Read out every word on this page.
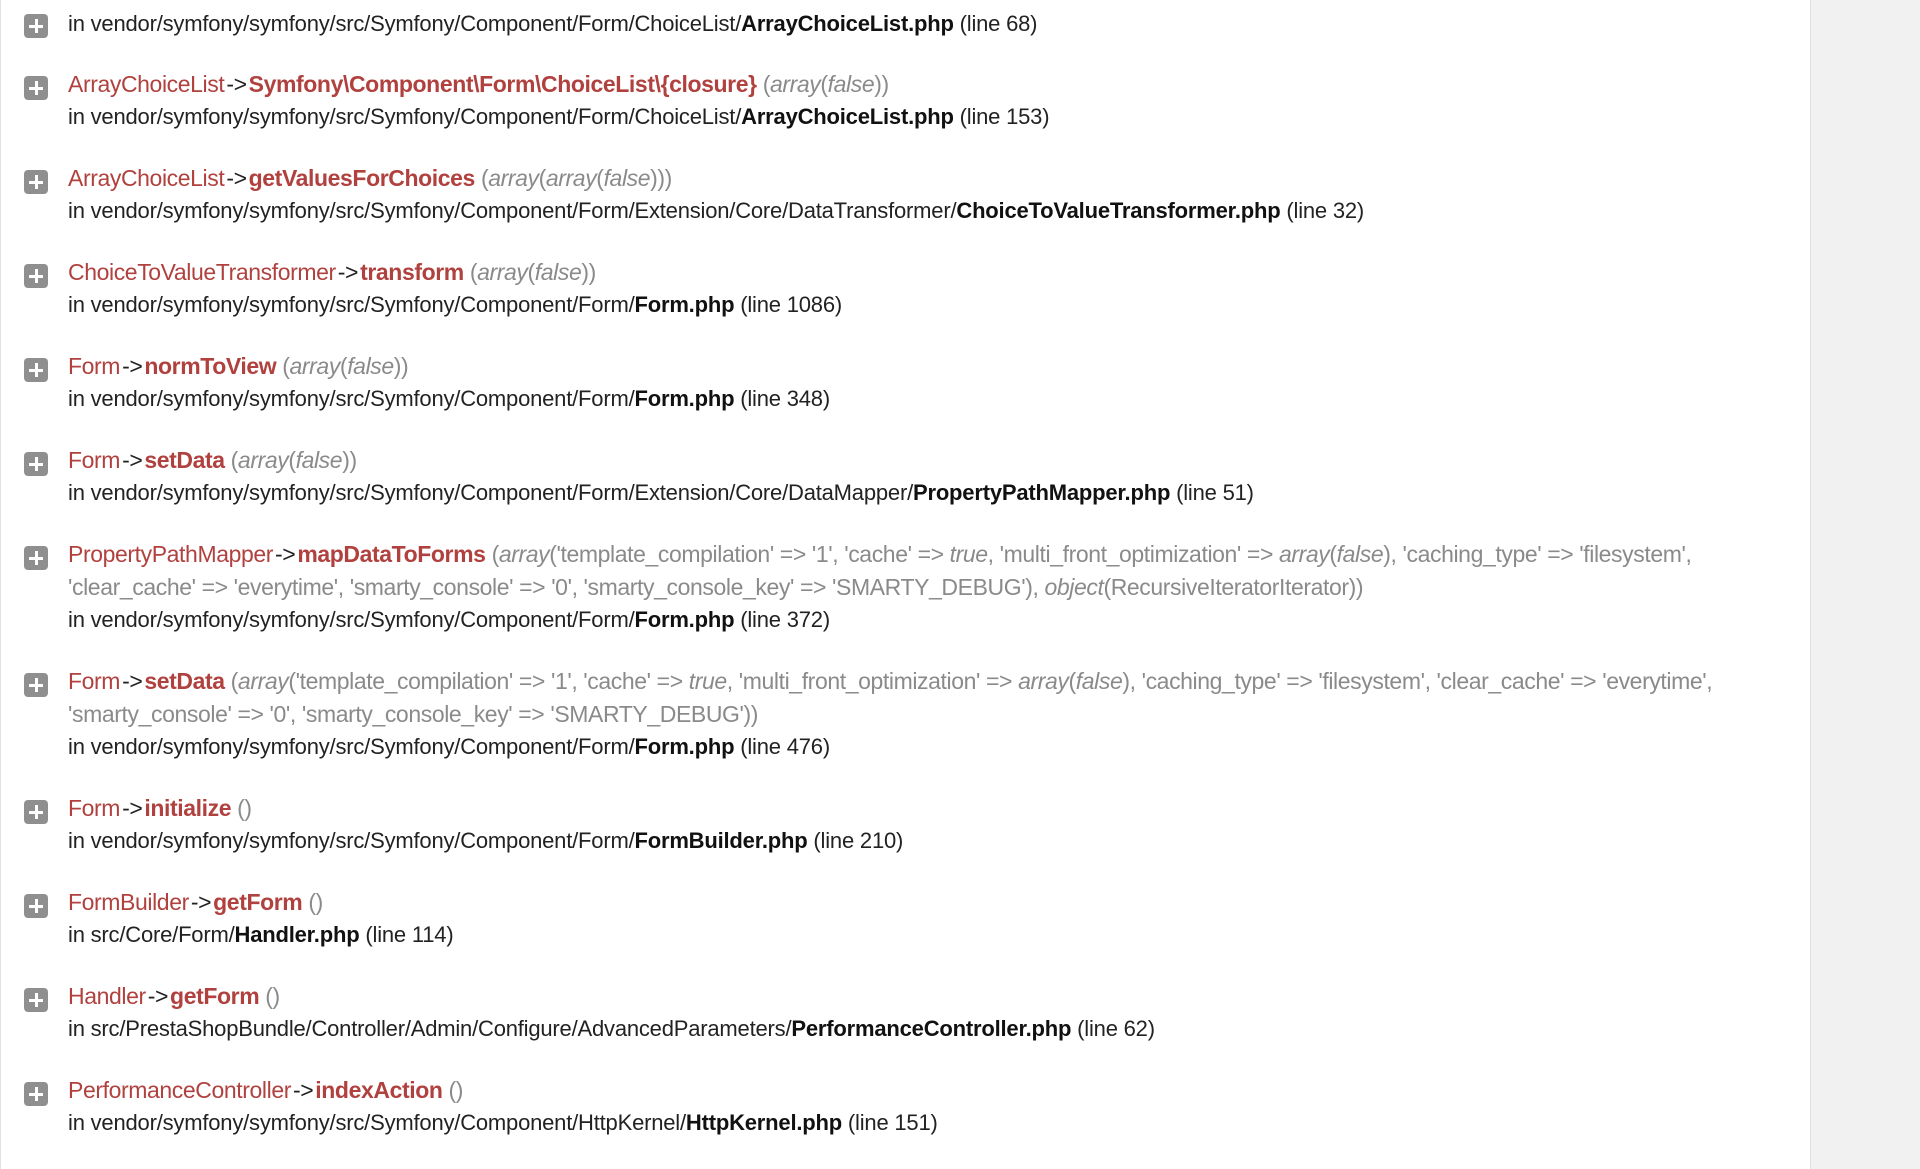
in vendor/symfony/symfony/src/Symfony/Component/Form/ChoiceList/ArrayChoiceList.php (line 68)
ArrayChoiceList->Symfony\Component\Form\ChoiceList\{closure} (array(false))
in vendor/symfony/symfony/src/Symfony/Component/Form/ChoiceList/ArrayChoiceList.php (line 153)
ArrayChoiceList->getValuesForChoices (array(array(false)))
in vendor/symfony/symfony/src/Symfony/Component/Form/Extension/Core/DataTransformer/ChoiceToValueTransformer.php (line 32)
ChoiceToValueTransformer->transform (array(false))
in vendor/symfony/symfony/src/Symfony/Component/Form/Form.php (line 1086)
Form->normToView (array(false))
in vendor/symfony/symfony/src/Symfony/Component/Form/Form.php (line 348)
Form->setData (array(false))
in vendor/symfony/symfony/src/Symfony/Component/Form/Extension/Core/DataMapper/PropertyPathMapper.php (line 51)
PropertyPathMapper->mapDataToForms (array('template_compilation' => '1', 'cache' => true, 'multi_front_optimization' => array(false), 'caching_type' => 'filesystem', 'clear_cache' => 'everytime', 'smarty_console' => '0', 'smarty_console_key' => 'SMARTY_DEBUG'), object(RecursiveIteratorIterator))
in vendor/symfony/symfony/src/Symfony/Component/Form/Form.php (line 372)
Form->setData (array('template_compilation' => '1', 'cache' => true, 'multi_front_optimization' => array(false), 'caching_type' => 'filesystem', 'clear_cache' => 'everytime', 'smarty_console' => '0', 'smarty_console_key' => 'SMARTY_DEBUG'))
in vendor/symfony/symfony/src/Symfony/Component/Form/Form.php (line 476)
Form->initialize ()
in vendor/symfony/symfony/src/Symfony/Component/Form/FormBuilder.php (line 210)
FormBuilder->getForm ()
in src/Core/Form/Handler.php (line 114)
Handler->getForm ()
in src/PrestaShopBundle/Controller/Admin/Configure/AdvancedParameters/PerformanceController.php (line 62)
PerformanceController->indexAction ()
in vendor/symfony/symfony/src/Symfony/Component/HttpKernel/HttpKernel.php (line 151)
